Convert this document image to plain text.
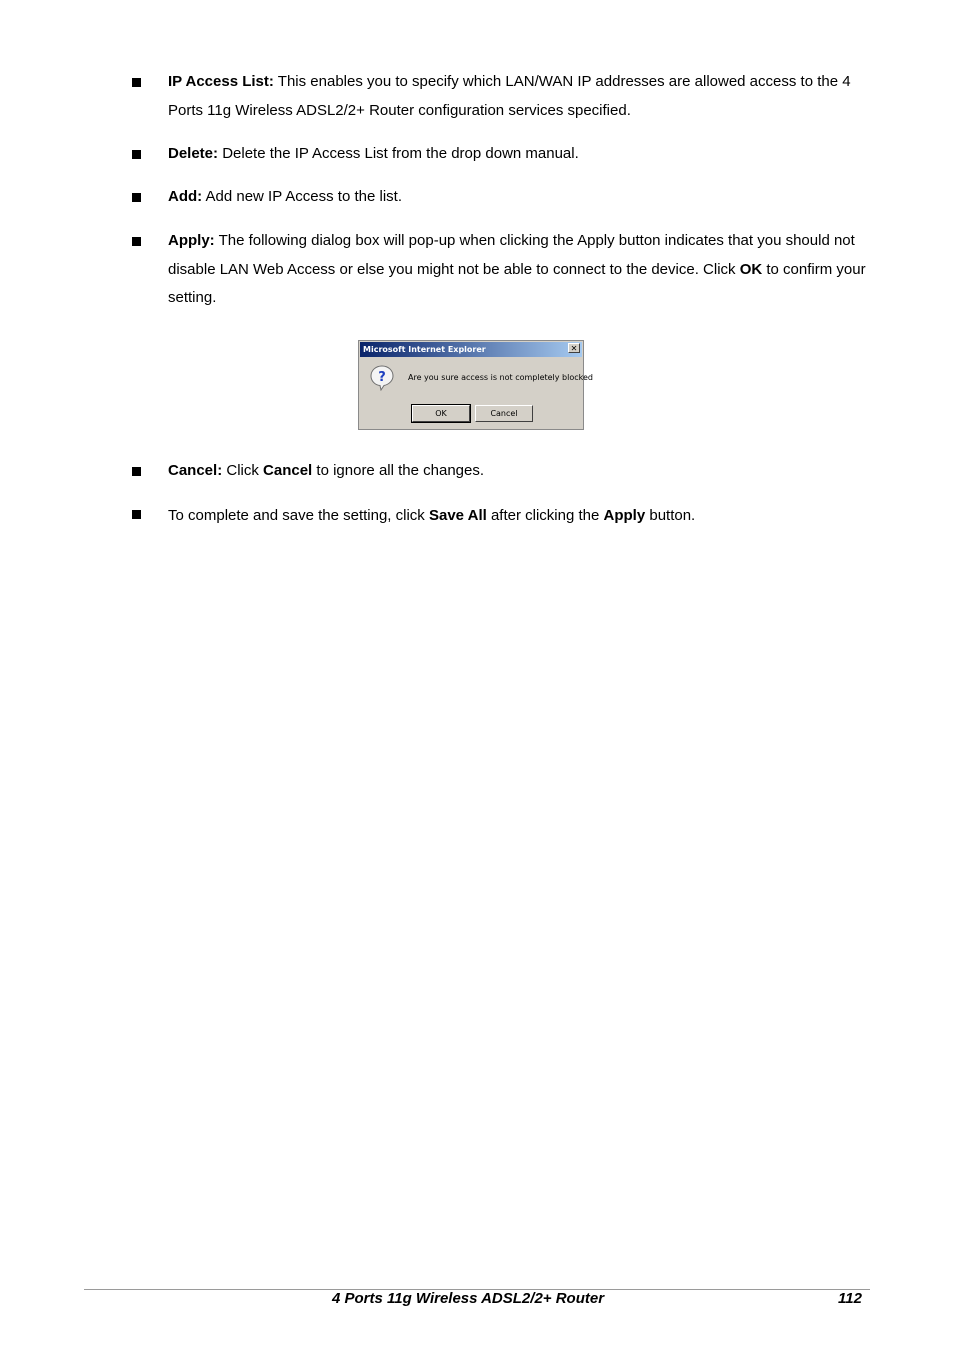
IP Access List: This enables you to specify which LAN/WAN IP addresses are allowed access to the 4 Ports 11g Wireless ADSL2/2+ Router configuration services specified.
Delete: Delete the IP Access List from the drop down manual.
Add: Add new IP Access to the list.
Apply: The following dialog box will pop-up when clicking the Apply button indicates that you should not disable LAN Web Access or else you might not be able to connect to the device. Click OK to confirm your setting.
Microsoft Internet Explorer	✕
?	Are you sure access is not completely blocked
OK	Cancel
Cancel: Click Cancel to ignore all the changes.
To complete and save the setting, click Save All after clicking the Apply button.
4 Ports 11g Wireless ADSL2/2+ Router	112
